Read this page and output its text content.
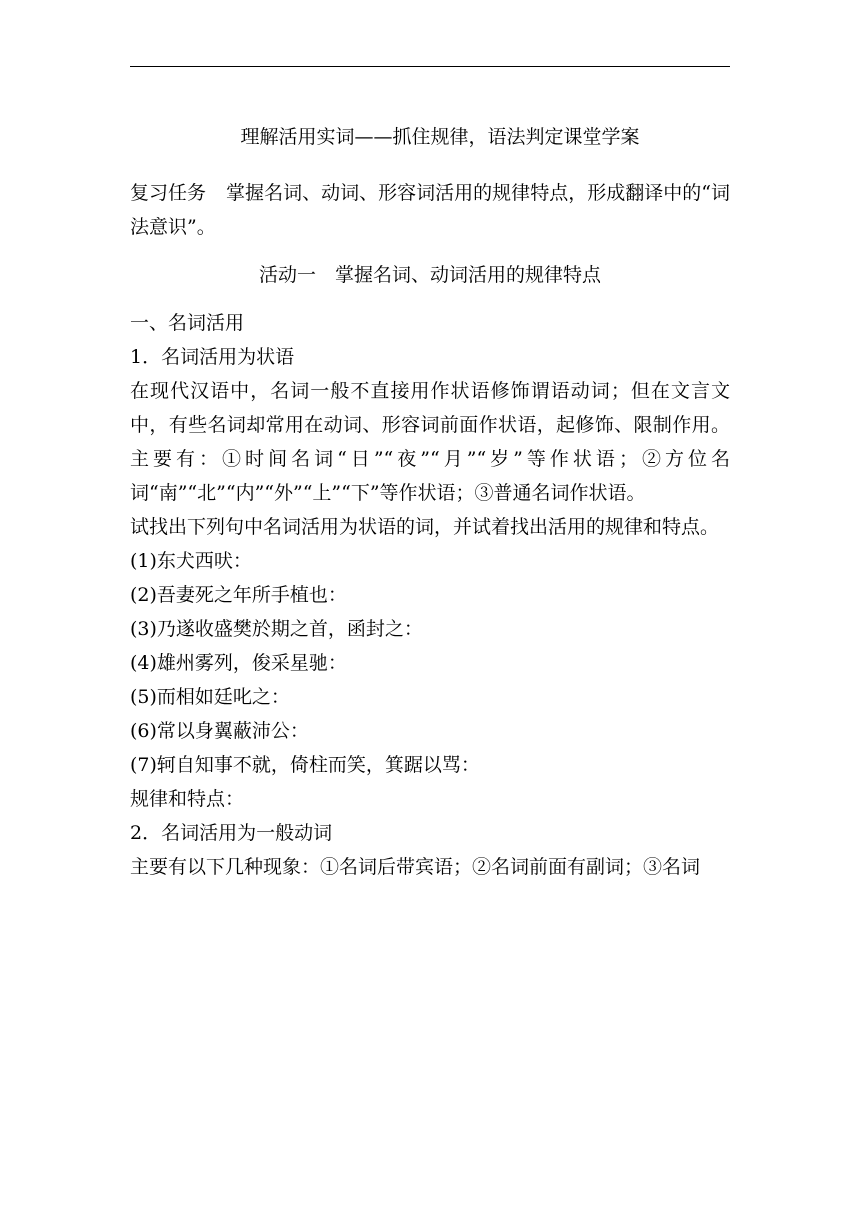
理解活用实词——抓住规律，语法判定课堂学案

复习任务 掌握名词、动词、形容词活用的规律特点，形成翻译中的“词法意识”。

活动一　掌握名词、动词活用的规律特点

一、名词活用

1．名词活用为状语

在现代汉语中，名词一般不直接用作状语修饰谓语动词；但在文言文中，有些名词却常用在动词、形容词前面作状语，起修饰、限制作用。主要有：①时间名词“日”“夜”“月”“岁”等作状语；②方位名词“南”“北”“内”“外”“上”“下”等作状语；③普通名词作状语。

试找出下列句中名词活用为状语的词，并试着找出活用的规律和特点。

(1)东犬西吠：

(2)吾妻死之年所手植也：

(3)乃遂收盛樊於期之首，函封之：

(4)雄州雾列，俊采星驰：

(5)而相如廷叱之：

(6)常以身翼蔽沛公：

(7)轲自知事不就，倚柱而笑，箕踞以骂：

规律和特点：

2．名词活用为一般动词

主要有以下几种现象：①名词后带宾语；②名词前面有副词；③名词
